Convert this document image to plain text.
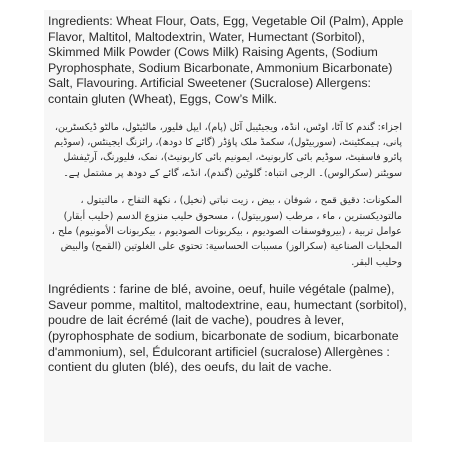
Ingredients: Wheat Flour, Oats, Egg, Vegetable Oil (Palm), Apple Flavor, Maltitol, Maltodextrin, Water, Humectant (Sorbitol), Skimmed Milk Powder (Cows Milk) Raising Agents, (Sodium Pyrophosphate, Sodium Bicarbonate, Ammonium Bicarbonate) Salt, Flavouring. Artificial Sweetener (Sucralose) Allergens: contain gluten (Wheat), Eggs, Cow’s Milk.

اجزاء: گندم کا آٹا، اوٹس، انڈہ، ویجیٹیبل آئل (پام)، ایپل فلیور، مالٹیٹول، مالٹو ڈیکسٹرین، پانی، ہیمکٹینٹ، (سوربیٹول)، سکمڈ ملک پاؤڈر (گائے کا دودھ)، رائزنگ ایجینٹس، (سوڈیم پائرو فاسفیٹ، سوڈیم بائی کاربونیٹ، ایمونیم بائی کاربونیٹ)، نمک، فلیورنگ، آرٹیفشل سویٹنر (سکرالوس)۔ الرجی انتباہ: گلوٹین (گندم)، انڈے، گائے کے دودھ پر مشتمل ہے۔

المكونات: دقيق قمح ، شوفان ، بيض ، زيت نباتي (نخيل) ، نكهة التفاح ، مالتيتول ، مالتوديكسترين ، ماء ، مرطب (سوربيتول) ، مسحوق حليب منزوع الدسم (حليب أبقار) عوامل تربية ، (بيروفوسفات الصوديوم ، بيكربونات الصوديوم ، بيكربونات الأمونيوم) ملح ، المحليات الصناعية (سكرالوز) مسببات الحساسية: تحتوي على الغلوتين (القمح) والبيض وحليب البقر.

Ingrédients : farine de blé, avoine, oeuf, huile végétale (palme), Saveur pomme, maltitol, maltodextrine, eau, humectant (sorbitol), poudre de lait écrémé (lait de vache), poudres à lever, (pyrophosphate de sodium, bicarbonate de sodium, bicarbonate d'ammonium), sel, Édulcorant artificiel (sucralose) Allergènes : contient du gluten (blé), des oeufs, du lait de vache.
